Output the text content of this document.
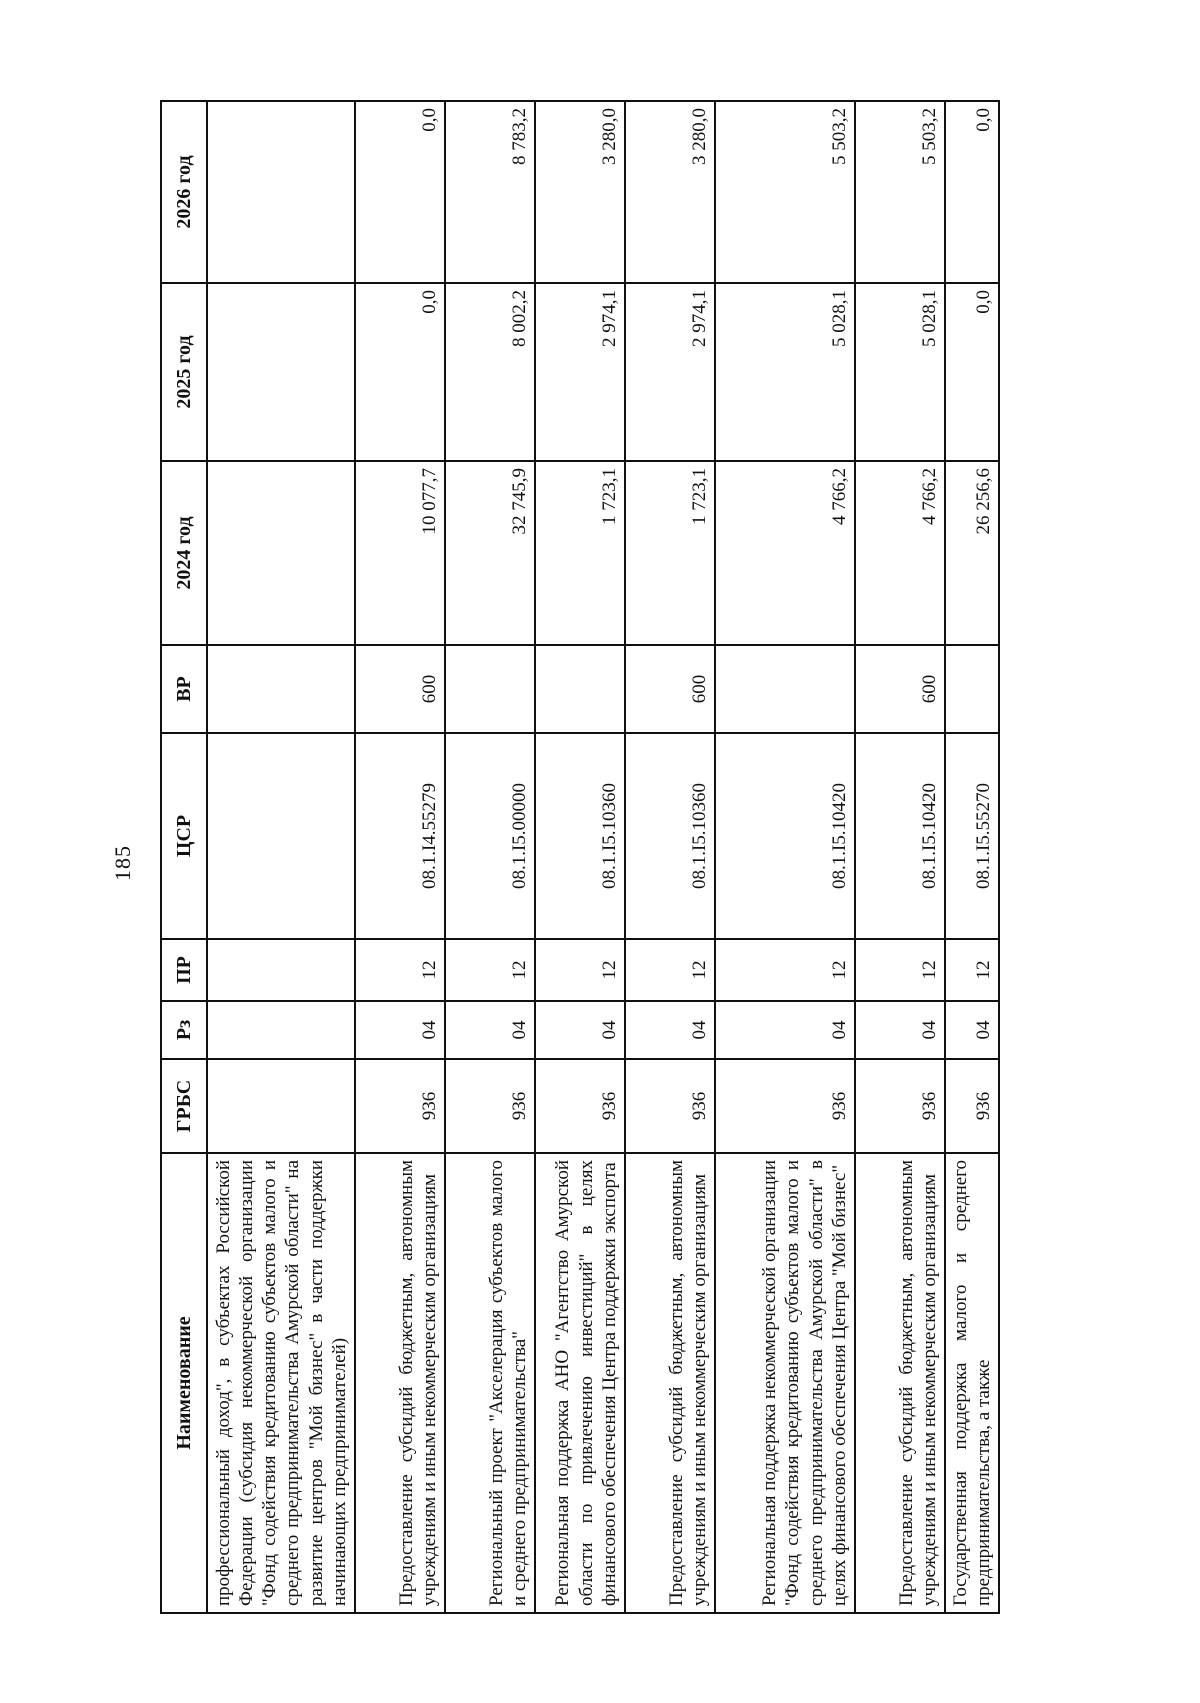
185
Наименование	ГРБС	Рз	ПР	ЦСР	ВР	2024 год	2025 год	2026 год
профессиональный доход", в субъектах Российской Федерации (субсидия некоммерческой организации "Фонд содействия кредитованию субъектов малого и среднего предпринимательства Амурской области" на развитие центров "Мой бизнес" в части поддержки начинающих предпринимателей)								
Предоставление субсидий бюджетным, автономным учреждениям и иным некоммерческим организациям	936	04	12	08.1.I4.55279	600	10 077,7	0,0	0,0
Региональный проект "Акселерация субъектов малого и среднего предпринимательства"	936	04	12	08.1.I5.00000		32 745,9	8 002,2	8 783,2
Региональная поддержка АНО "Агентство Амурской области по привлечению инвестиций" в целях финансового обеспечения Центра поддержки экспорта	936	04	12	08.1.I5.10360		1 723,1	2 974,1	3 280,0
Предоставление субсидий бюджетным, автономным учреждениям и иным некоммерческим организациям	936	04	12	08.1.I5.10360	600	1 723,1	2 974,1	3 280,0
Региональная поддержка некоммерческой организации "Фонд содействия кредитованию субъектов малого и среднего предпринимательства Амурской области" в целях финансового обеспечения Центра "Мой бизнес"	936	04	12	08.1.I5.10420		4 766,2	5 028,1	5 503,2
Предоставление субсидий бюджетным, автономным учреждениям и иным некоммерческим организациям	936	04	12	08.1.I5.10420	600	4 766,2	5 028,1	5 503,2
Государственная поддержка малого и среднего предпринимательства, а также	936	04	12	08.1.I5.55270		26 256,6	0,0	0,0
